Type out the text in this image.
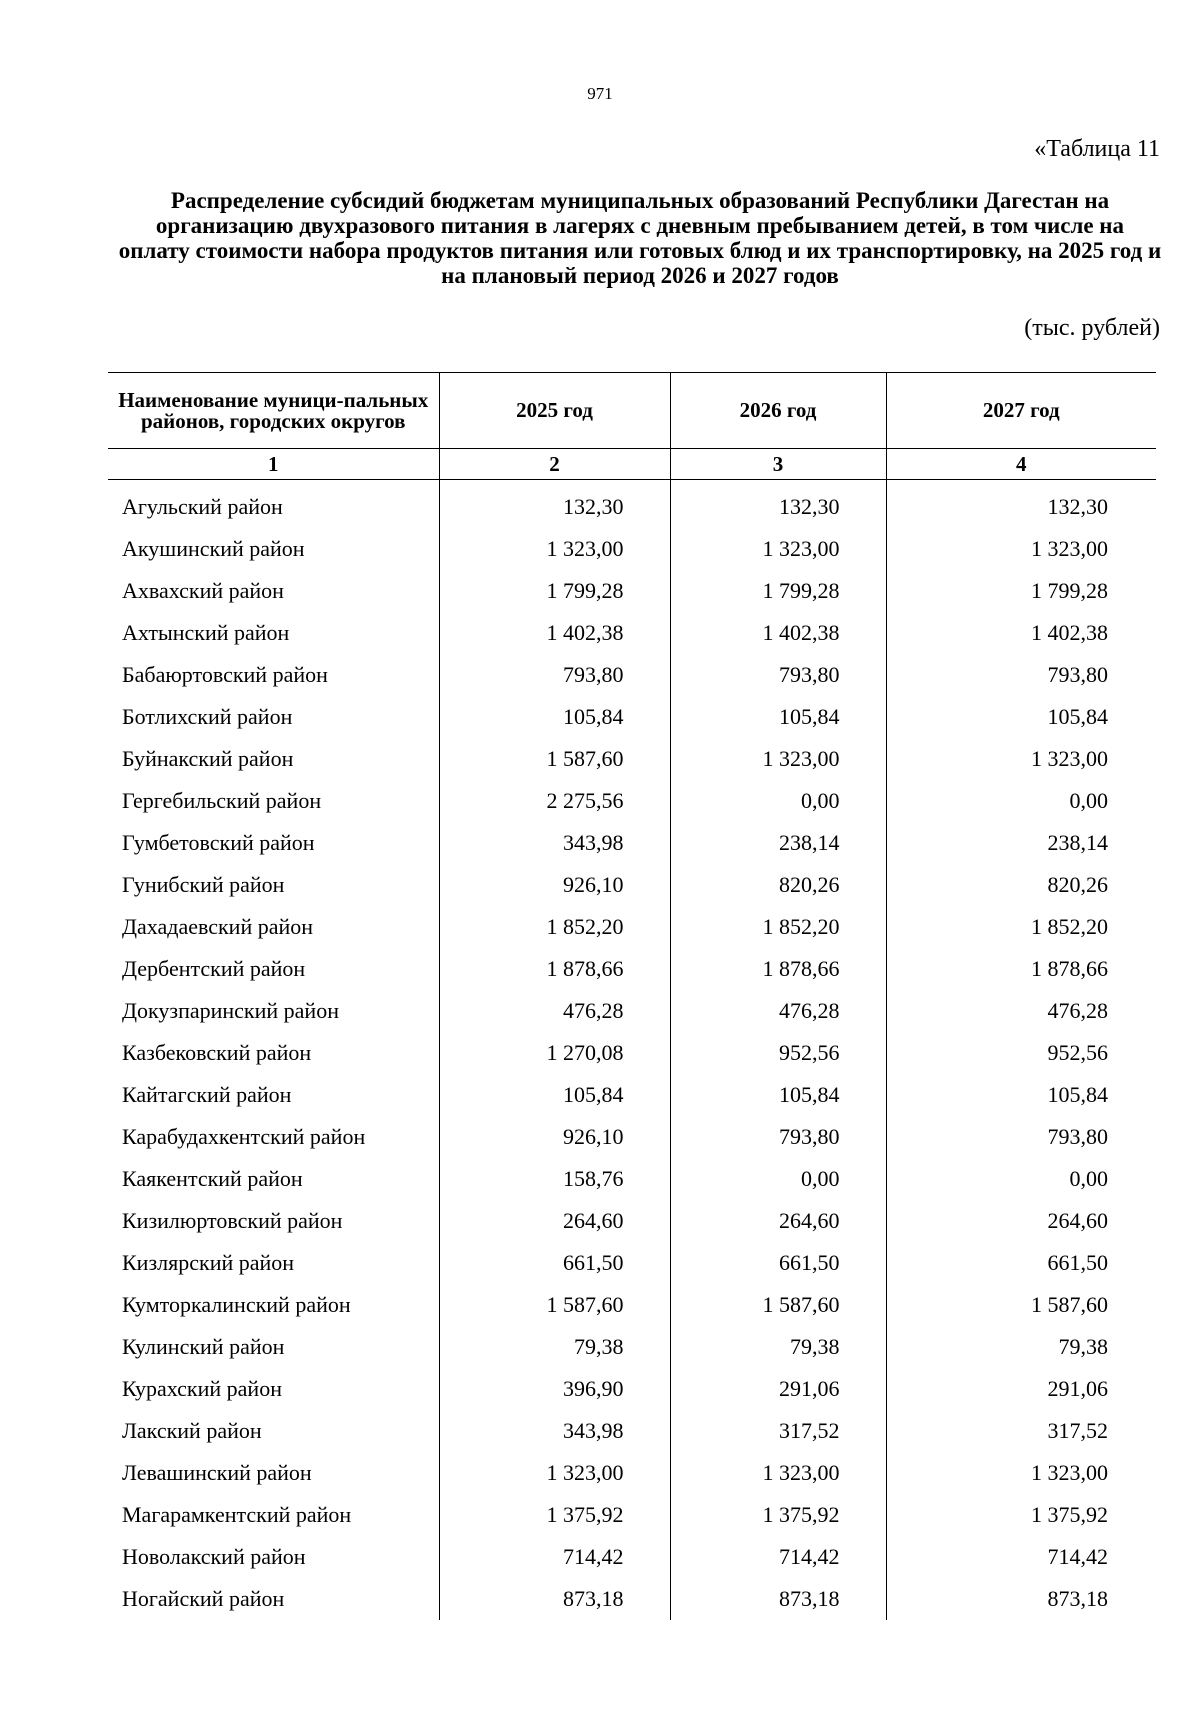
971
«Таблица 11
Распределение субсидий бюджетам муниципальных образований Республики Дагестан на организацию двухразового питания в лагерях с дневным пребыванием детей, в том числе на оплату стоимости набора продуктов питания или готовых блюд и их транспортировку, на 2025 год и на плановый период 2026 и 2027 годов
(тыс. рублей)
Наименование муници-пальных районов, городских округов	2025 год	2026 год	2027 год
1	2	3	4
Агульский район	132,30	132,30	132,30
Акушинский район	1 323,00	1 323,00	1 323,00
Ахвахский район	1 799,28	1 799,28	1 799,28
Ахтынский район	1 402,38	1 402,38	1 402,38
Бабаюртовский район	793,80	793,80	793,80
Ботлихский район	105,84	105,84	105,84
Буйнакский район	1 587,60	1 323,00	1 323,00
Гергебильский район	2 275,56	0,00	0,00
Гумбетовский район	343,98	238,14	238,14
Гунибский район	926,10	820,26	820,26
Дахадаевский район	1 852,20	1 852,20	1 852,20
Дербентский район	1 878,66	1 878,66	1 878,66
Докузпаринский район	476,28	476,28	476,28
Казбековский район	1 270,08	952,56	952,56
Кайтагский район	105,84	105,84	105,84
Карабудахкентский район	926,10	793,80	793,80
Каякентский район	158,76	0,00	0,00
Кизилюртовский район	264,60	264,60	264,60
Кизлярский район	661,50	661,50	661,50
Кумторкалинский район	1 587,60	1 587,60	1 587,60
Кулинский район	79,38	79,38	79,38
Курахский район	396,90	291,06	291,06
Лакский район	343,98	317,52	317,52
Левашинский район	1 323,00	1 323,00	1 323,00
Магарамкентский район	1 375,92	1 375,92	1 375,92
Новолакский район	714,42	714,42	714,42
Ногайский район	873,18	873,18	873,18
